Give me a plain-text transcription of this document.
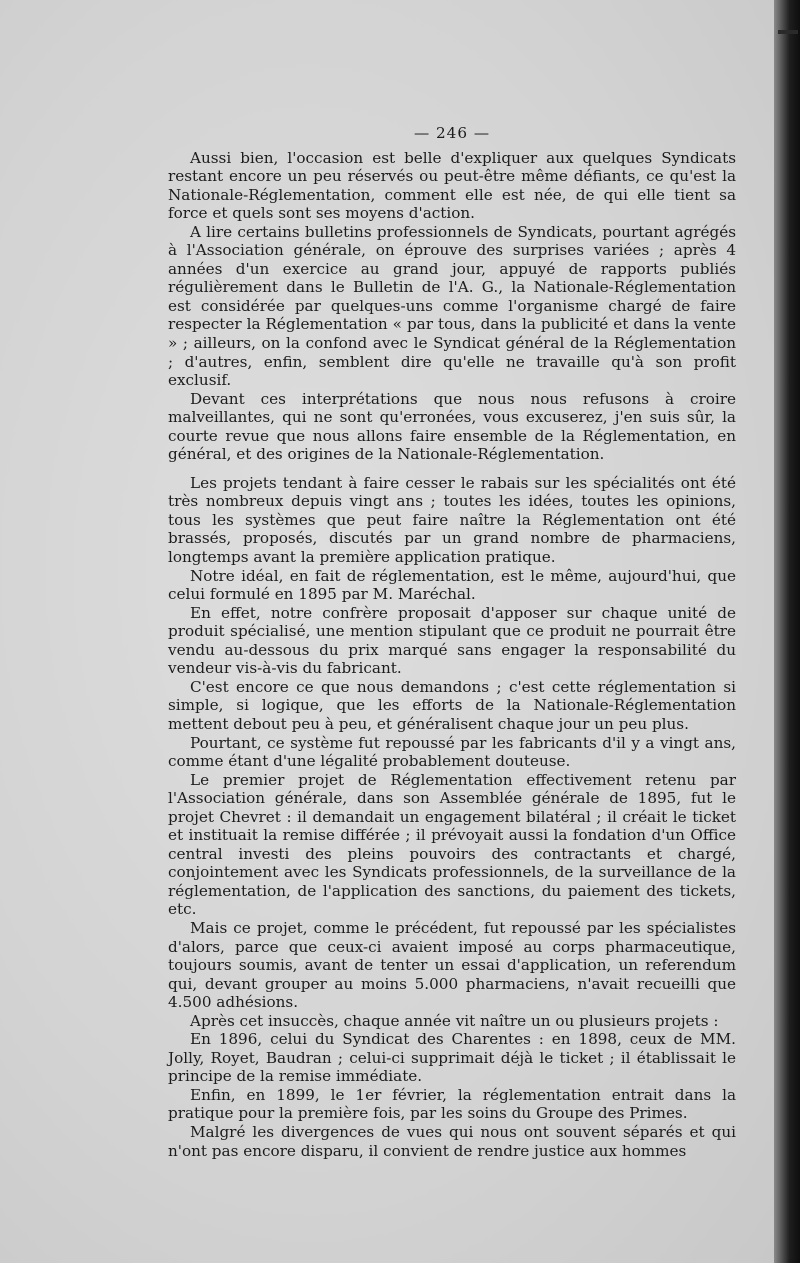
— 246 —

Aussi bien, l'occasion est belle d'expliquer aux quelques Syndicats restant encore un peu réservés ou peut-être même défiants, ce qu'est la Nationale-Réglementation, comment elle est née, de qui elle tient sa force et quels sont ses moyens d'action.

A lire certains bulletins professionnels de Syndicats, pourtant agrégés à l'Association générale, on éprouve des surprises variées ; après 4 années d'un exercice au grand jour, appuyé de rapports publiés régulièrement dans le Bulletin de l'A. G., la Nationale-Réglementation est considérée par quelques-uns comme l'organisme chargé de faire respecter la Réglementation « par tous, dans la publicité et dans la vente » ; ailleurs, on la confond avec le Syndicat général de la Réglementation ; d'autres, enfin, semblent dire qu'elle ne travaille qu'à son profit exclusif.

Devant ces interprétations que nous nous refusons à croire malveillantes, qui ne sont qu'erronées, vous excuserez, j'en suis sûr, la courte revue que nous allons faire ensemble de la Réglementation, en général, et des origines de la Nationale-Réglementation.

Les projets tendant à faire cesser le rabais sur les spécialités ont été très nombreux depuis vingt ans ; toutes les idées, toutes les opinions, tous les systèmes que peut faire naître la Réglementation ont été brassés, proposés, discutés par un grand nombre de pharmaciens, longtemps avant la première application pratique.

Notre idéal, en fait de réglementation, est le même, aujourd'hui, que celui formulé en 1895 par M. Maréchal.

En effet, notre confrère proposait d'apposer sur chaque unité de produit spécialisé, une mention stipulant que ce produit ne pourrait être vendu au-dessous du prix marqué sans engager la responsabilité du vendeur vis-à-vis du fabricant.

C'est encore ce que nous demandons ; c'est cette réglementation si simple, si logique, que les efforts de la Nationale-Réglementation mettent debout peu à peu, et généralisent chaque jour un peu plus.

Pourtant, ce système fut repoussé par les fabricants d'il y a vingt ans, comme étant d'une légalité probablement douteuse.

Le premier projet de Réglementation effectivement retenu par l'Association générale, dans son Assemblée générale de 1895, fut le projet Chevret : il demandait un engagement bilatéral ; il créait le ticket et instituait la remise différée ; il prévoyait aussi la fondation d'un Office central investi des pleins pouvoirs des contractants et chargé, conjointement avec les Syndicats professionnels, de la surveillance de la réglementation, de l'application des sanctions, du paiement des tickets, etc.

Mais ce projet, comme le précédent, fut repoussé par les spécialistes d'alors, parce que ceux-ci avaient imposé au corps pharmaceutique, toujours soumis, avant de tenter un essai d'application, un referendum qui, devant grouper au moins 5.000 pharmaciens, n'avait recueilli que 4.500 adhésions.

Après cet insuccès, chaque année vit naître un ou plusieurs projets :

En 1896, celui du Syndicat des Charentes : en 1898, ceux de MM. Jolly, Royet, Baudran ; celui-ci supprimait déjà le ticket ; il établissait le principe de la remise immédiate.

Enfin, en 1899, le 1er février, la réglementation entrait dans la pratique pour la première fois, par les soins du Groupe des Primes.

Malgré les divergences de vues qui nous ont souvent séparés et qui n'ont pas encore disparu, il convient de rendre justice aux hommes
